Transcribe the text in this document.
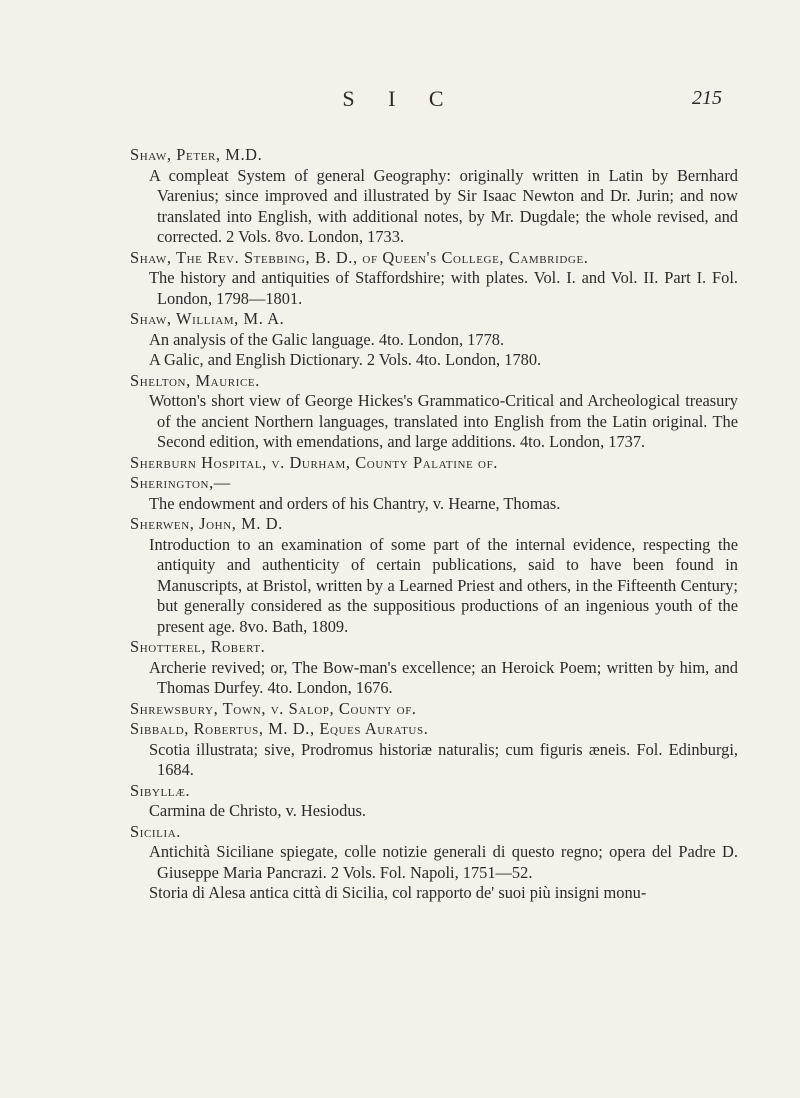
S I C	215

Shaw, Peter, M.D.

A compleat System of general Geography: originally written in Latin by Bernhard Varenius; since improved and illustrated by Sir Isaac Newton and Dr. Jurin; and now translated into English, with additional notes, by Mr. Dugdale; the whole revised, and corrected. 2 Vols. 8vo. London, 1733.

Shaw, The Rev. Stebbing, B. D., of Queen's College, Cambridge.

The history and antiquities of Staffordshire; with plates. Vol. I. and Vol. II. Part I. Fol. London, 1798—1801.

Shaw, William, M. A.

An analysis of the Galic language. 4to. London, 1778.

A Galic, and English Dictionary. 2 Vols. 4to. London, 1780.

Shelton, Maurice.

Wotton's short view of George Hickes's Grammatico-Critical and Archeological treasury of the ancient Northern languages, translated into English from the Latin original. The Second edition, with emendations, and large additions. 4to. London, 1737.

Sherburn Hospital, v. Durham, County Palatine of.

Sherington,—

The endowment and orders of his Chantry, v. Hearne, Thomas.

Sherwen, John, M. D.

Introduction to an examination of some part of the internal evidence, respecting the antiquity and authenticity of certain publications, said to have been found in Manuscripts, at Bristol, written by a Learned Priest and others, in the Fifteenth Century; but generally considered as the suppositious productions of an ingenious youth of the present age. 8vo. Bath, 1809.

Shotterel, Robert.

Archerie revived; or, The Bow-man's excellence; an Heroick Poem; written by him, and Thomas Durfey. 4to. London, 1676.

Shrewsbury, Town, v. Salop, County of.

Sibbald, Robertus, M. D., Eques Auratus.

Scotia illustrata; sive, Prodromus historiæ naturalis; cum figuris æneis. Fol. Edinburgi, 1684.

Sibyllæ.

Carmina de Christo, v. Hesiodus.

Sicilia.

Antichità Siciliane spiegate, colle notizie generali di questo regno; opera del Padre D. Giuseppe Maria Pancrazi. 2 Vols. Fol. Napoli, 1751—52.

Storia di Alesa antica città di Sicilia, col rapporto de' suoi più insigni monu-
